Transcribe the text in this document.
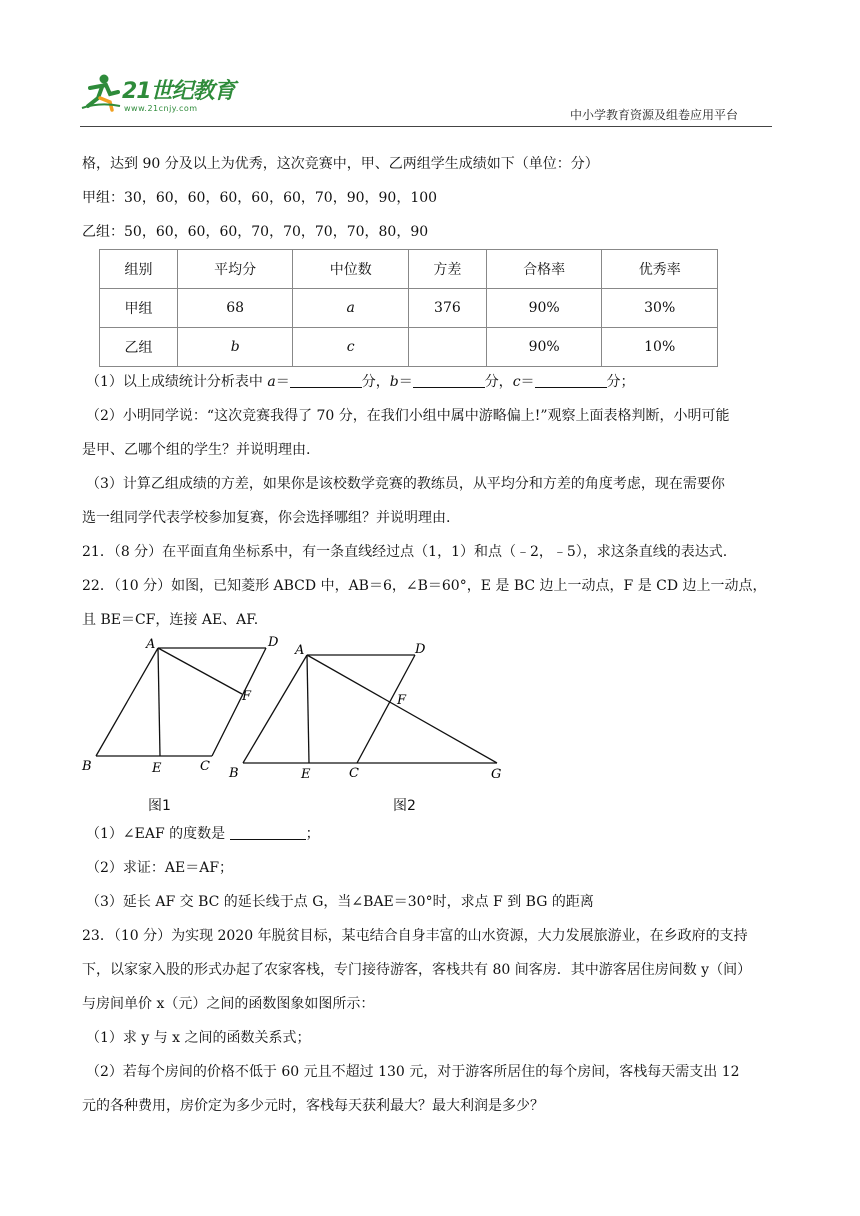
21世纪教育
www.21cnjy.com	中小学教育资源及组卷应用平台
格，达到 90 分及以上为优秀，这次竞赛中，甲、乙两组学生成绩如下（单位：分）
甲组：30，60，60，60，60，60，70，90，90，100
乙组：50，60，60，60，70，70，70，70，80，90
组别	平均分	中位数	方差	合格率	优秀率
甲组	68	a	376	90%	30%
乙组	b	c		90%	10%
（1）以上成绩统计分析表中 a＝	分，b＝	分，c＝	分；
（2）小明同学说：“这次竞赛我得了 70 分，在我们小组中属中游略偏上!”观察上面表格判断，小明可能
是甲、乙哪个组的学生？并说明理由.
（3）计算乙组成绩的方差，如果你是该校数学竞赛的教练员，从平均分和方差的角度考虑，现在需要你
选一组同学代表学校参加复赛，你会选择哪组？并说明理由.
21．（8 分）在平面直角坐标系中，有一条直线经过点（1，1）和点（﹣2，﹣5），求这条直线的表达式.
22．（10 分）如图，已知菱形 ABCD 中，AB＝6，∠B＝60°，E 是 BC 边上一动点，F 是 CD 边上一动点，
且 BE＝CF，连接 AE、AF.
A	D
B	E	C
F
图1
A	D
B	E	C
F
G
图2
（1）∠EAF 的度数是	；
（2）求证：AE＝AF；
（3）延长 AF 交 BC 的延长线于点 G，当∠BAE＝30°时，求点 F 到 BG 的距离
23．（10 分）为实现 2020 年脱贫目标，某屯结合自身丰富的山水资源，大力发展旅游业，在乡政府的支持
下，以家家入股的形式办起了农家客栈，专门接待游客，客栈共有 80 间客房．其中游客居住房间数 y（间）
与房间单价 x（元）之间的函数图象如图所示：
（1）求 y 与 x 之间的函数关系式；
（2）若每个房间的价格不低于 60 元且不超过 130 元，对于游客所居住的每个房间，客栈每天需支出 12
元的各种费用，房价定为多少元时，客栈每天获利最大？最大利润是多少？
